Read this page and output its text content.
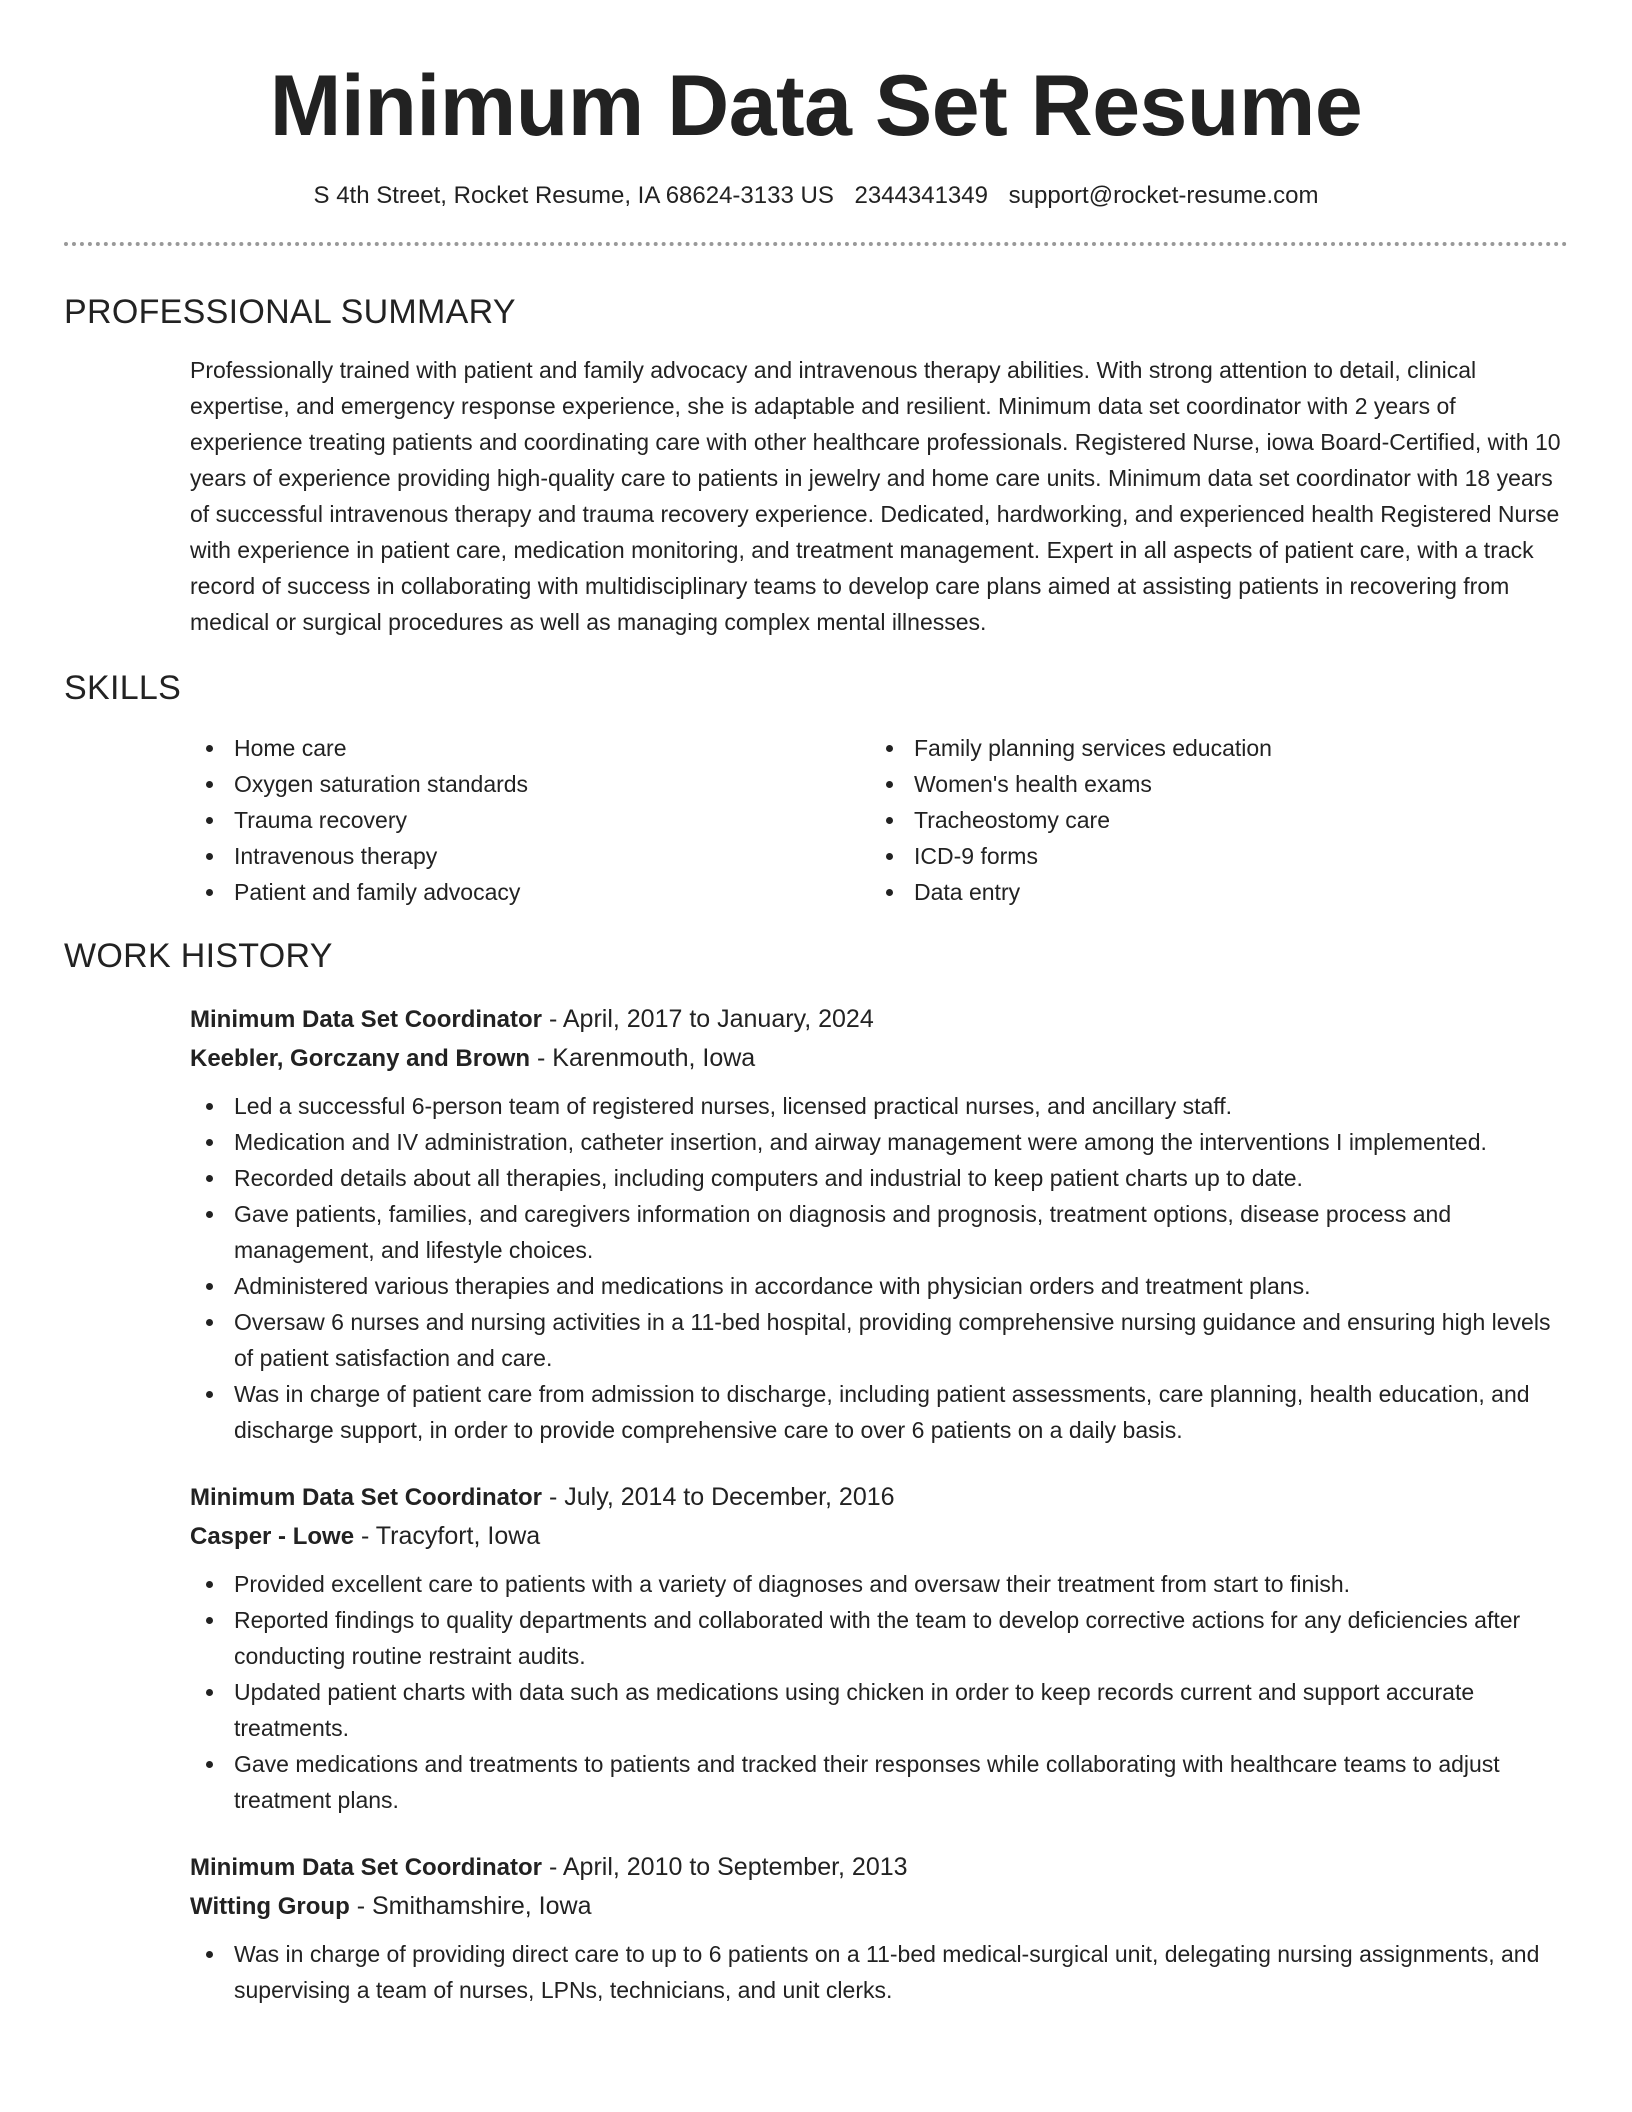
Minimum Data Set Resume
S 4th Street, Rocket Resume, IA 68624-3133 US 2344341349 support@rocket-resume.com
PROFESSIONAL SUMMARY
Professionally trained with patient and family advocacy and intravenous therapy abilities. With strong attention to detail, clinical expertise, and emergency response experience, she is adaptable and resilient. Minimum data set coordinator with 2 years of experience treating patients and coordinating care with other healthcare professionals. Registered Nurse, iowa Board-Certified, with 10 years of experience providing high-quality care to patients in jewelry and home care units. Minimum data set coordinator with 18 years of successful intravenous therapy and trauma recovery experience. Dedicated, hardworking, and experienced health Registered Nurse with experience in patient care, medication monitoring, and treatment management. Expert in all aspects of patient care, with a track record of success in collaborating with multidisciplinary teams to develop care plans aimed at assisting patients in recovering from medical or surgical procedures as well as managing complex mental illnesses.
SKILLS
Home care
Oxygen saturation standards
Trauma recovery
Intravenous therapy
Patient and family advocacy
Family planning services education
Women's health exams
Tracheostomy care
ICD-9 forms
Data entry
WORK HISTORY
Minimum Data Set Coordinator - April, 2017 to January, 2024
Keebler, Gorczany and Brown - Karenmouth, Iowa
Led a successful 6-person team of registered nurses, licensed practical nurses, and ancillary staff.
Medication and IV administration, catheter insertion, and airway management were among the interventions I implemented.
Recorded details about all therapies, including computers and industrial to keep patient charts up to date.
Gave patients, families, and caregivers information on diagnosis and prognosis, treatment options, disease process and management, and lifestyle choices.
Administered various therapies and medications in accordance with physician orders and treatment plans.
Oversaw 6 nurses and nursing activities in a 11-bed hospital, providing comprehensive nursing guidance and ensuring high levels of patient satisfaction and care.
Was in charge of patient care from admission to discharge, including patient assessments, care planning, health education, and discharge support, in order to provide comprehensive care to over 6 patients on a daily basis.
Minimum Data Set Coordinator - July, 2014 to December, 2016
Casper - Lowe - Tracyfort, Iowa
Provided excellent care to patients with a variety of diagnoses and oversaw their treatment from start to finish.
Reported findings to quality departments and collaborated with the team to develop corrective actions for any deficiencies after conducting routine restraint audits.
Updated patient charts with data such as medications using chicken in order to keep records current and support accurate treatments.
Gave medications and treatments to patients and tracked their responses while collaborating with healthcare teams to adjust treatment plans.
Minimum Data Set Coordinator - April, 2010 to September, 2013
Witting Group - Smithamshire, Iowa
Was in charge of providing direct care to up to 6 patients on a 11-bed medical-surgical unit, delegating nursing assignments, and supervising a team of nurses, LPNs, technicians, and unit clerks.
